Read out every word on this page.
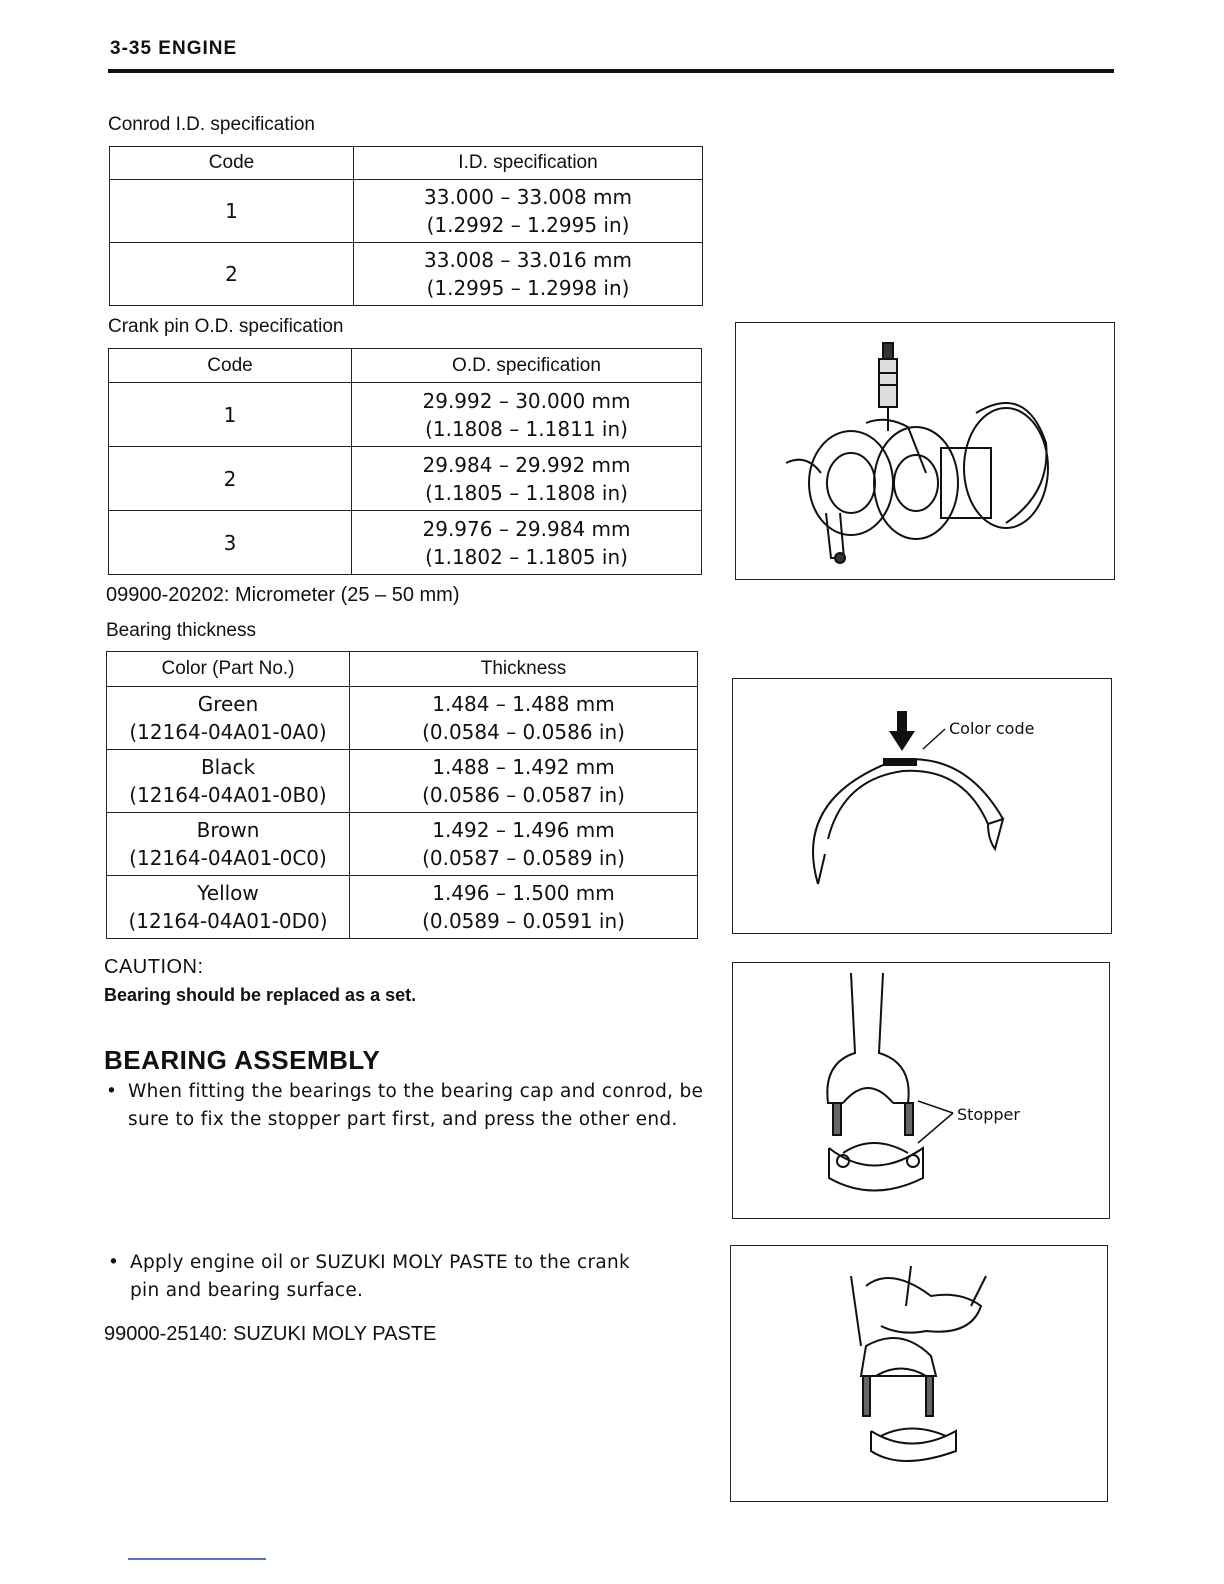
3-35 ENGINE
Conrod I.D. specification
Code	I.D. specification
1	33.000 – 33.008 mm
(1.2992 – 1.2995 in)

2	33.008 – 33.016 mm
(1.2995 – 1.2998 in)
Crank pin O.D. specification
Code	O.D. specification
1	29.992 – 30.000 mm
(1.1808 – 1.1811 in)

2	29.984 – 29.992 mm
(1.1805 – 1.1808 in)

3	29.976 – 29.984 mm
(1.1802 – 1.1805 in)
09900-20202: Micrometer (25 – 50 mm)
Bearing thickness
Color (Part No.)	Thickness

Green
(12164-04A01-0A0)	1.484 – 1.488 mm
(0.0584 – 0.0586 in)

Black
(12164-04A01-0B0)	1.488 – 1.492 mm
(0.0586 – 0.0587 in)

Brown
(12164-04A01-0C0)	1.492 – 1.496 mm
(0.0587 – 0.0589 in)

Yellow
(12164-04A01-0D0)	1.496 – 1.500 mm
(0.0589 – 0.0591 in)
CAUTION:
Bearing should be replaced as a set.
BEARING ASSEMBLY
• When fitting the bearings to the bearing cap and conrod, be
sure to fix the stopper part first, and press the other end.
• Apply engine oil or SUZUKI MOLY PASTE to the crank
pin and bearing surface.
99000-25140: SUZUKI MOLY PASTE
Color code
Stopper
